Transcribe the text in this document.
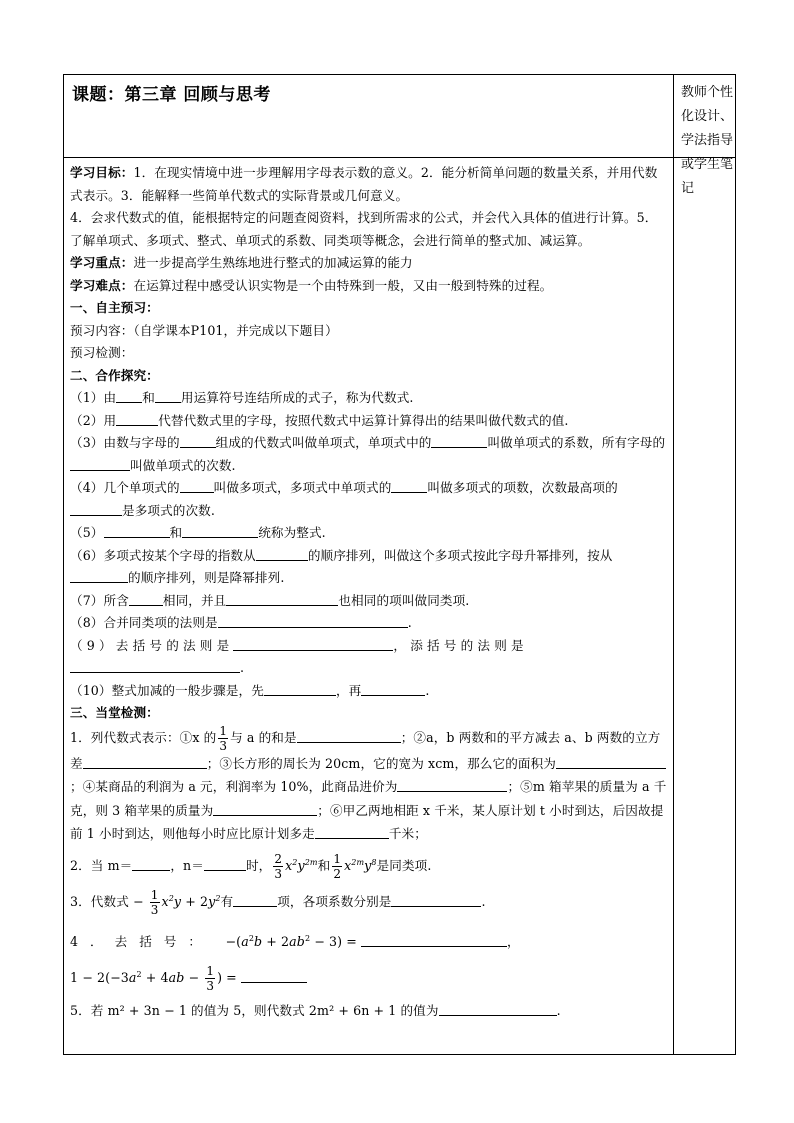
课题：第三章 回顾与思考	教师个性化设计、学法指导或学生笔记

学习目标：1．在现实情境中进一步理解用字母表示数的意义。2．能分析简单问题的数量关系，并用代数式表示。3．能解释一些简单代数式的实际背景或几何意义。

4．会求代数式的值，能根据特定的问题查阅资料，找到所需求的公式，并会代入具体的值进行计算。5．了解单项式、多项式、整式、单项式的系数、同类项等概念，会进行简单的整式加、减运算。

学习重点：进一步提高学生熟练地进行整式的加减运算的能力

学习难点：在运算过程中感受认识实物是一个由特殊到一般，又由一般到特殊的过程。

一、自主预习：

预习内容：（自学课本P101，并完成以下题目）

预习检测：

二、合作探究：

（1）由 和 用运算符号连结所成的式子，称为代数式.

（2）用	代替代数式里的字母，按照代数式中运算计算得出的结果叫做代数式的值.

（3）由数与字母的	组成的代数式叫做单项式，单项式中的	叫做单项式的系数，所有字母的叫做单项式的次数.

（4）几个单项式的	叫做多项式，多项式中单项式的	叫做多项式的项数，次数最高项的是多项式的次数.

（5）	和	统称为整式.

（6）多项式按某个字母的指数从	的顺序排列，叫做这个多项式按此字母升幂排列，按从的顺序排列，则是降幂排列.

（7）所含	相同，并且	也相同的项叫做同类项.

（8）合并同类项的法则是	.

（ 9 ） 去 括 号 的 法 则 是	， 添 括 号 的 法 则 是
.

（10）整式加减的一般步骤是，先	，再	.

三、当堂检测：

1．列代数式表示：①x 的 $\frac{1}{3}$ 与 a 的和是	；②a，b 两数和的平方减去 a、b 两数的立方差	；③长方形的周长为 20cm，它的宽为 xcm，那么它的面积为；④某商品的利润为 a 元，利润率为 10%，此商品进价为	；⑤m 箱苹果的质量为 a 千克，则 3 箱苹果的质量为	；⑥甲乙两地相距 x 千米，某人原计划 t 小时到达，后因故提前 1 小时到达，则他每小时应比原计划多走	千米；

2．当 m＝	，n＝	时， $\frac{2}{3} x^2y^{2m}$和 $\frac{1}{2} x^{2m}y^8$是同类项.

3．代数式 − $\frac{1}{3} x^2y + 2y^2$有	项，各项系数分别是	.

4 ． 去 括 号 ： $-(a^2b + 2ab^2 - 3)$ =	，

$1 - 2(-3a^2 + 4ab - \frac{1}{3}$ ) =

5．若 m² + 3n − 1 的值为 5，则代数式 2m² + 6n + 1 的值为	.
